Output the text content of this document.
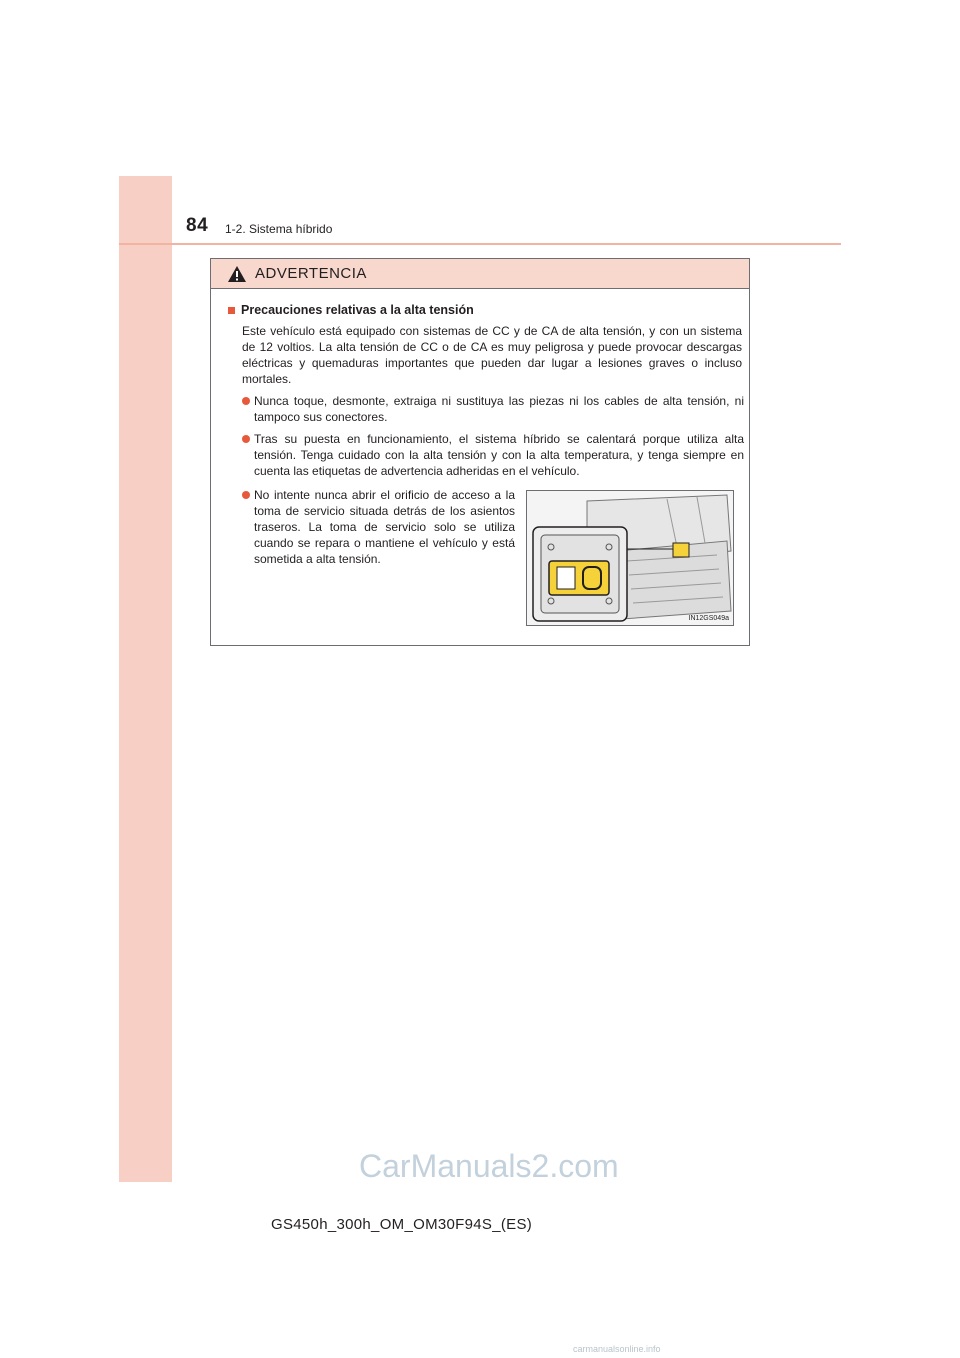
84 1-2. Sistema híbrido
ADVERTENCIA
Precauciones relativas a la alta tensión

Este vehículo está equipado con sistemas de CC y de CA de alta tensión, y con un sistema de 12 voltios. La alta tensión de CC o de CA es muy peligrosa y puede provocar descargas eléctricas y quemaduras importantes que pueden dar lugar a lesiones graves o incluso mortales.

Nunca toque, desmonte, extraiga ni sustituya las piezas ni los cables de alta tensión, ni tampoco sus conectores.
Tras su puesta en funcionamiento, el sistema híbrido se calentará porque utiliza alta tensión. Tenga cuidado con la alta tensión y con la alta temperatura, y tenga siempre en cuenta las etiquetas de advertencia adheridas en el vehículo.
No intente nunca abrir el orificio de acceso a la toma de servicio situada detrás de los asientos traseros. La toma de servicio solo se utiliza cuando se repara o mantiene el vehículo y está sometida a alta tensión.
IN12GS049a
CarManuals2.com
GS450h_300h_OM_OM30F94S_(ES)
carmanualsonline.info
